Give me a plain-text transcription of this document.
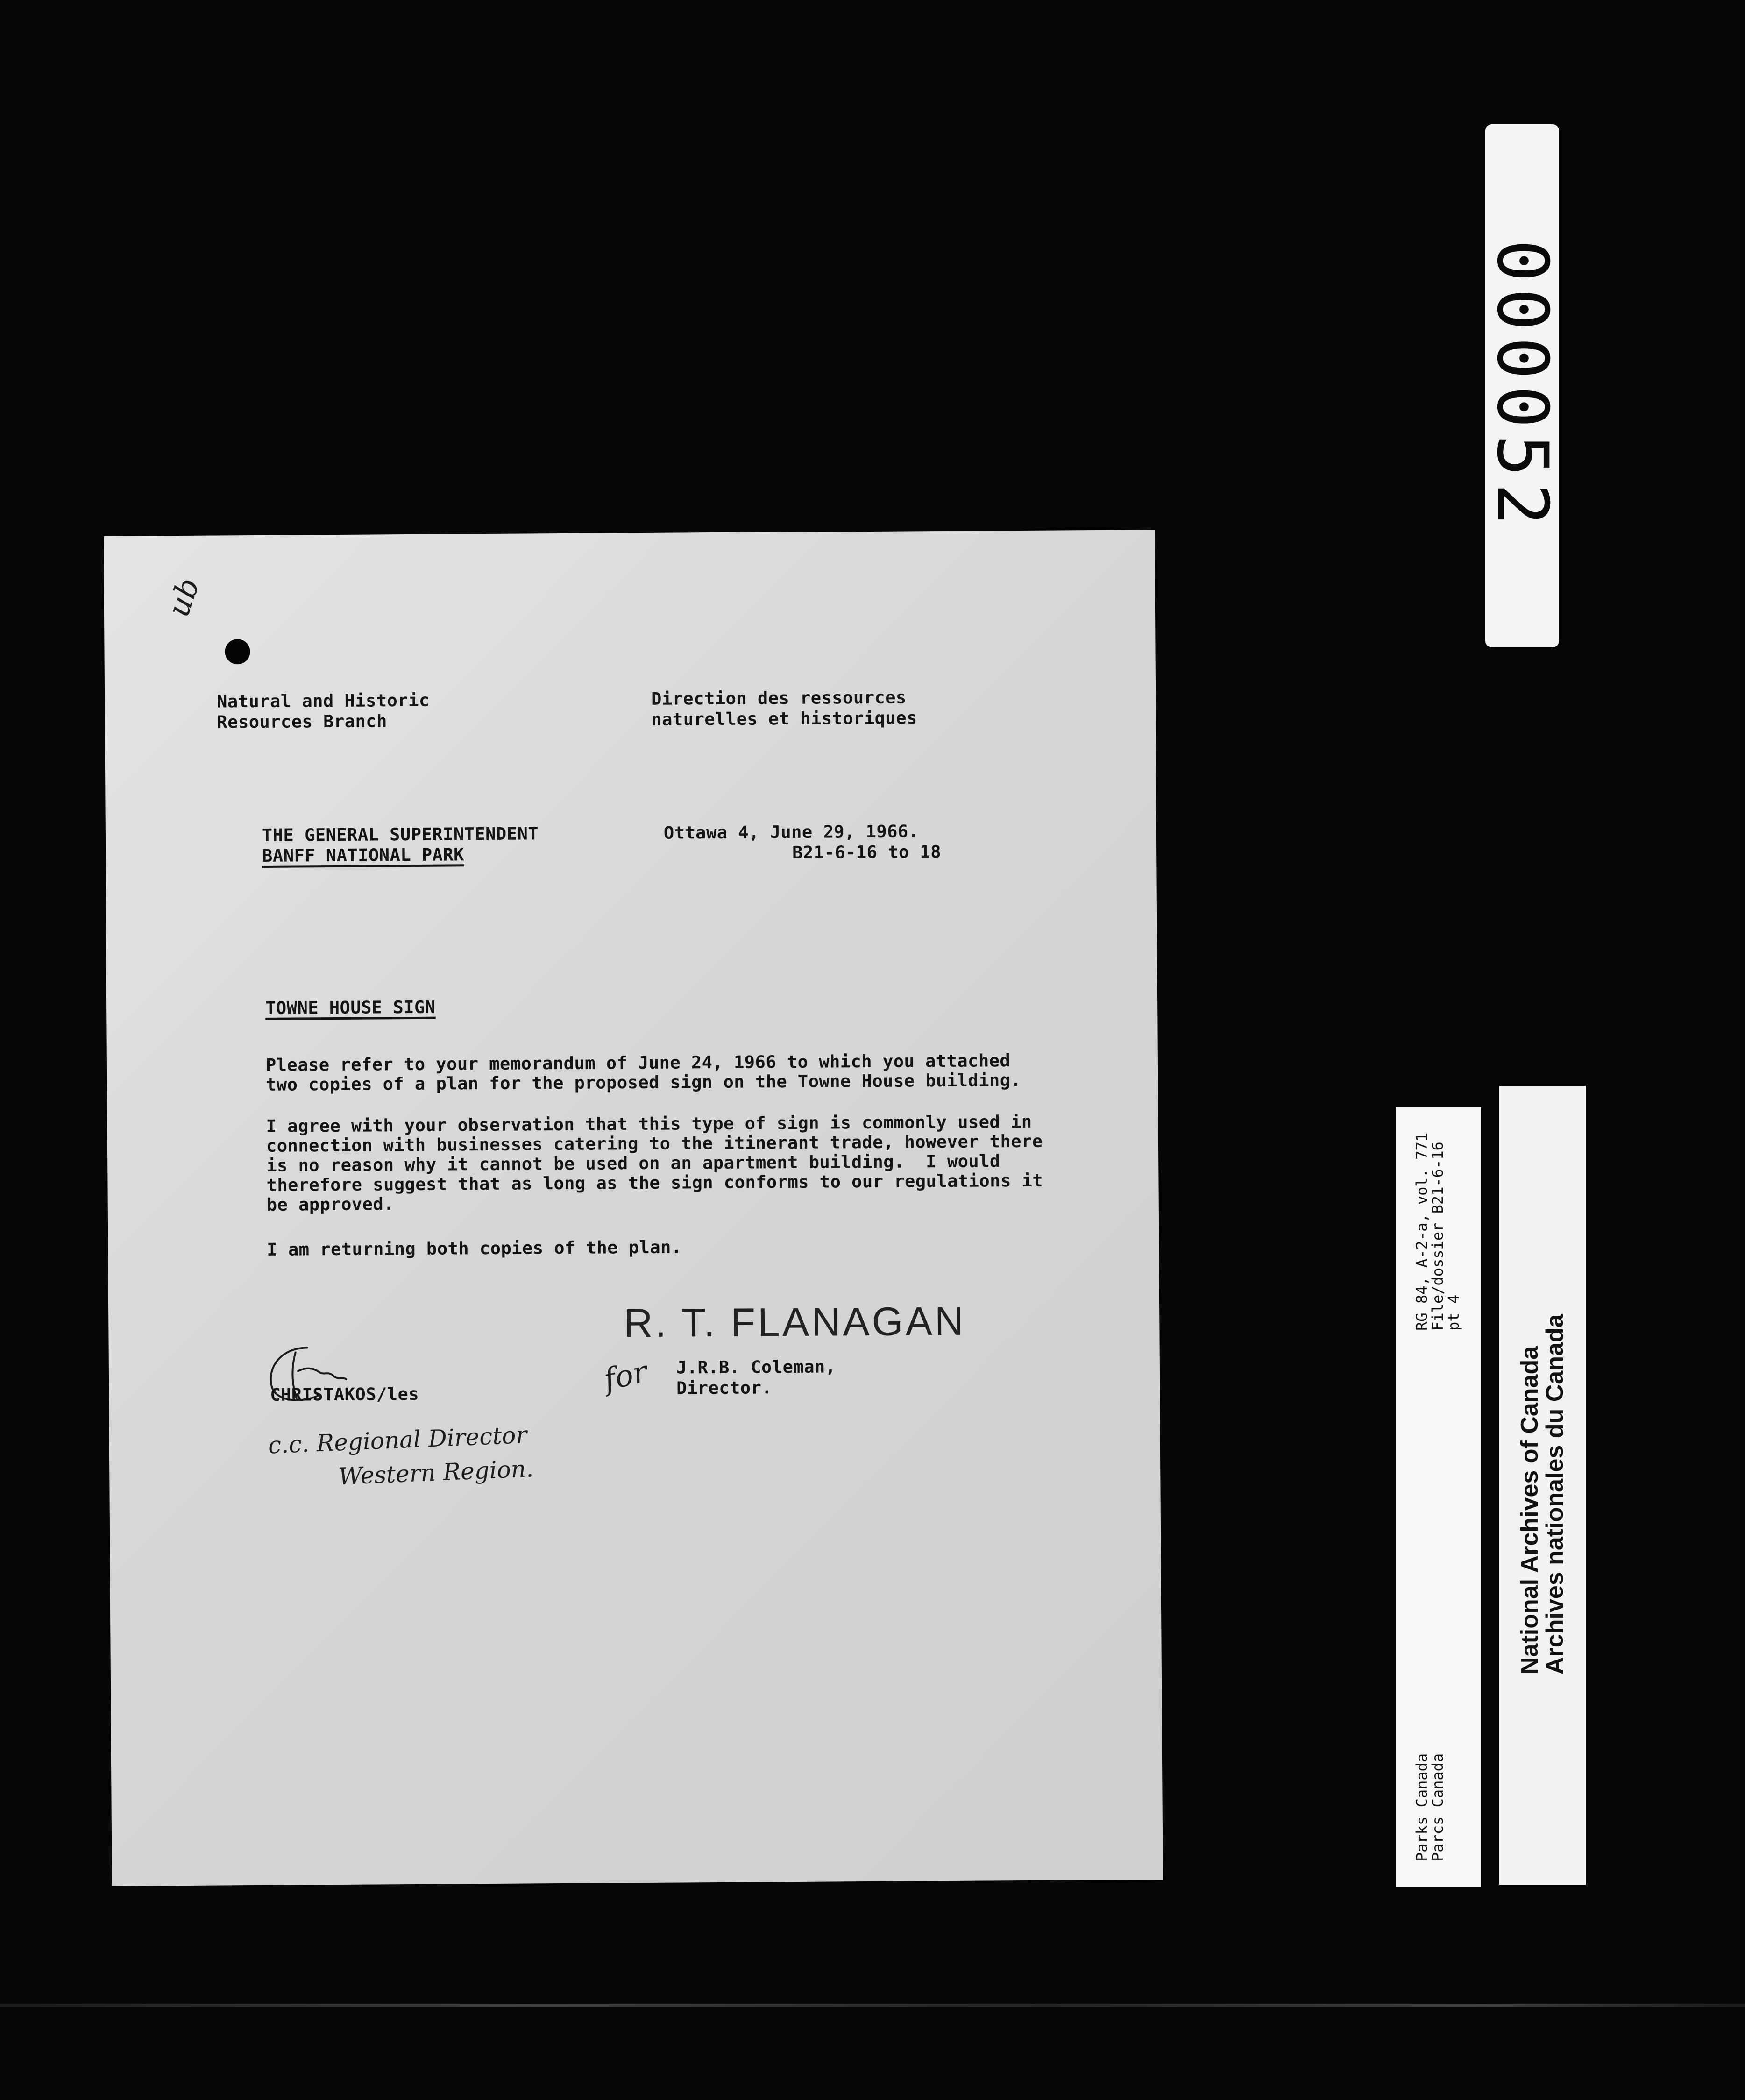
ub
Natural and Historic
Resources Branch
Direction des ressources
naturelles et historiques
THE GENERAL SUPERINTENDENT
BANFF NATIONAL PARK
Ottawa 4, June 29, 1966.
B21-6-16 to 18
TOWNE HOUSE SIGN
Please refer to your memorandum of June 24, 1966 to which you attached
two copies of a plan for the proposed sign on the Towne House building.
I agree with your observation that this type of sign is commonly used in
connection with businesses catering to the itinerant trade, however there
is no reason why it cannot be used on an apartment building.  I would
therefore suggest that as long as the sign conforms to our regulations it
be approved.
I am returning both copies of the plan.
R. T. FLANAGAN
for J.R.B. Coleman,
Director.
CHRISTAKOS/les
c.c. Regional Director
Western Region.
000052
Parks Canada
Parcs Canada
RG 84, A-2-a, vol. 771
File/dossier B21-6-16
pt 4
National Archives of Canada
Archives nationales du Canada
